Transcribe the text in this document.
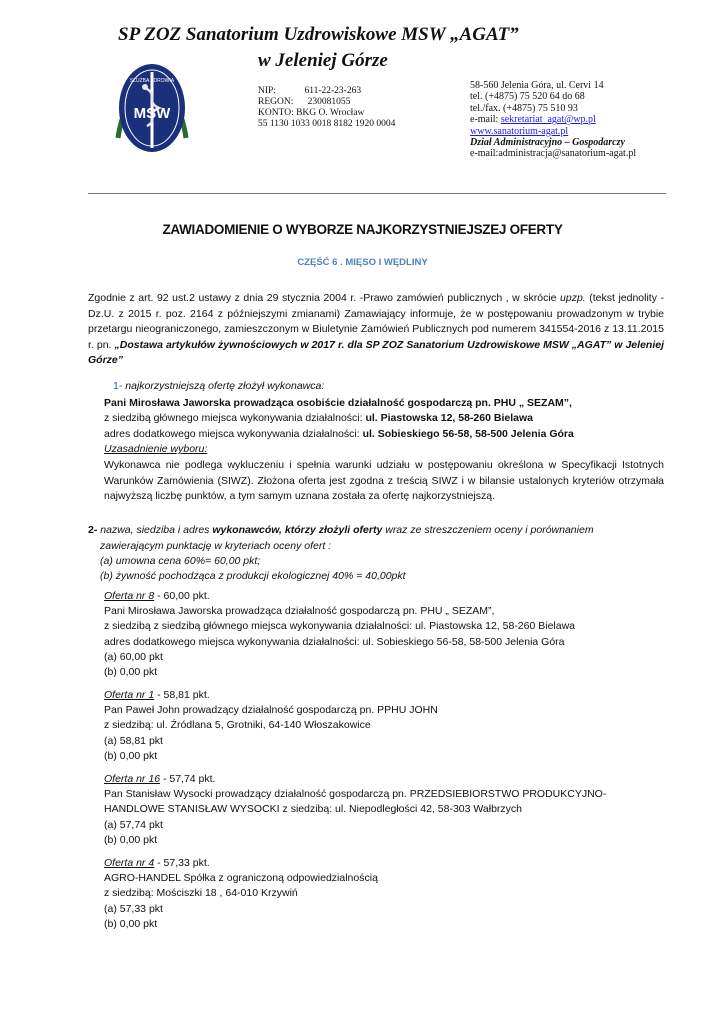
SP ZOZ Sanatorium Uzdrowiskowe MSW „AGAT”
w Jeleniej Górze
MSW
SŁUŻBA ZDROWIA
NIP:            611-22-23-263
REGON:      230081055
KONTO: BKG O. Wrocław
55 1130 1033 0018 8182 1920 0004
58-560 Jelenia Góra, ul. Cervi 14
tel. (+4875) 75 520 64 do 68
tel./fax. (+4875) 75 510 93
e-mail: sekretariat_agat@wp.pl
www.sanatorium-agat.pl
Dział Administracyjno – Gospodarczy
e-mail:administracja@sanatorium-agat.pl
ZAWIADOMIENIE O WYBORZE NAJKORZYSTNIEJSZEJ OFERTY
CZĘŚĆ 6 . MIĘSO I WĘDLINY
Zgodnie z art. 92 ust.2 ustawy z dnia 29 stycznia 2004 r. -Prawo zamówień publicznych , w skrócie upzp. (tekst jednolity - Dz.U. z 2015 r. poz. 2164 z późniejszymi zmianami) Zamawiający informuje, że w postępowaniu prowadzonym w trybie przetargu nieograniczonego, zamieszczonym w Biuletynie Zamówień Publicznych pod numerem 341554-2016 z 13.11.2015 r. pn. „Dostawa artykułów żywnościowych w 2017 r. dla SP ZOZ Sanatorium Uzdrowiskowe MSW „AGAT” w Jeleniej Górze”
1- najkorzystniejszą ofertę złożył wykonawca:
Pani Mirosława Jaworska prowadząca osobiście działalność gospodarczą pn. PHU „ SEZAM”,
z siedzibą głównego miejsca wykonywania działalności: ul. Piastowska 12, 58-260 Bielawa
adres dodatkowego miejsca wykonywania działalności: ul. Sobieskiego 56-58, 58-500 Jelenia Góra
Uzasadnienie wyboru:
Wykonawca nie podlega wykluczeniu i spełnia warunki udziału w postępowaniu określona w Specyfikacji Istotnych Warunków Zamówienia (SIWZ). Złożona oferta jest zgodna z treścią SIWZ i w bilansie ustalonych kryteriów otrzymała najwyższą liczbę punktów, a tym samym uznana została za ofertę najkorzystniejszą.
2- nazwa, siedziba i adres wykonawców, którzy złożyli oferty wraz ze streszczeniem oceny i porównaniem
zawierającym punktację w kryteriach oceny ofert :
(a) umowna cena 60%= 60,00 pkt;
(b) żywność pochodząca z produkcji ekologicznej 40% = 40,00pkt
Oferta nr 8 - 60,00 pkt.
Pani Mirosława Jaworska prowadząca działalność gospodarczą pn. PHU „ SEZAM”,
z siedzibą z siedzibą głównego miejsca wykonywania działalności: ul. Piastowska 12, 58-260 Bielawa
adres dodatkowego miejsca wykonywania działalności: ul. Sobieskiego 56-58, 58-500 Jelenia Góra
(a) 60,00 pkt
(b) 0,00 pkt
Oferta nr 1 - 58,81 pkt.
Pan Paweł John prowadzący działalność gospodarczą pn. PPHU JOHN
z siedzibą: ul. Źródlana 5, Grotniki, 64-140 Włoszakowice
(a) 58,81 pkt
(b) 0,00 pkt
Oferta nr 16 - 57,74 pkt.
Pan Stanisław Wysocki prowadzący działalność gospodarczą pn. PRZEDSIEBIORSTWO PRODUKCYJNO-
HANDLOWE STANISŁAW WYSOCKI z siedzibą: ul. Niepodległości 42, 58-303 Wałbrzych
(a) 57,74 pkt
(b) 0,00 pkt
Oferta nr 4 - 57,33 pkt.
AGRO-HANDEL Spółka z ograniczoną odpowiedzialnością
z siedzibą: Mościszki 18 , 64-010 Krzywiń
(a) 57,33 pkt
(b) 0,00 pkt
